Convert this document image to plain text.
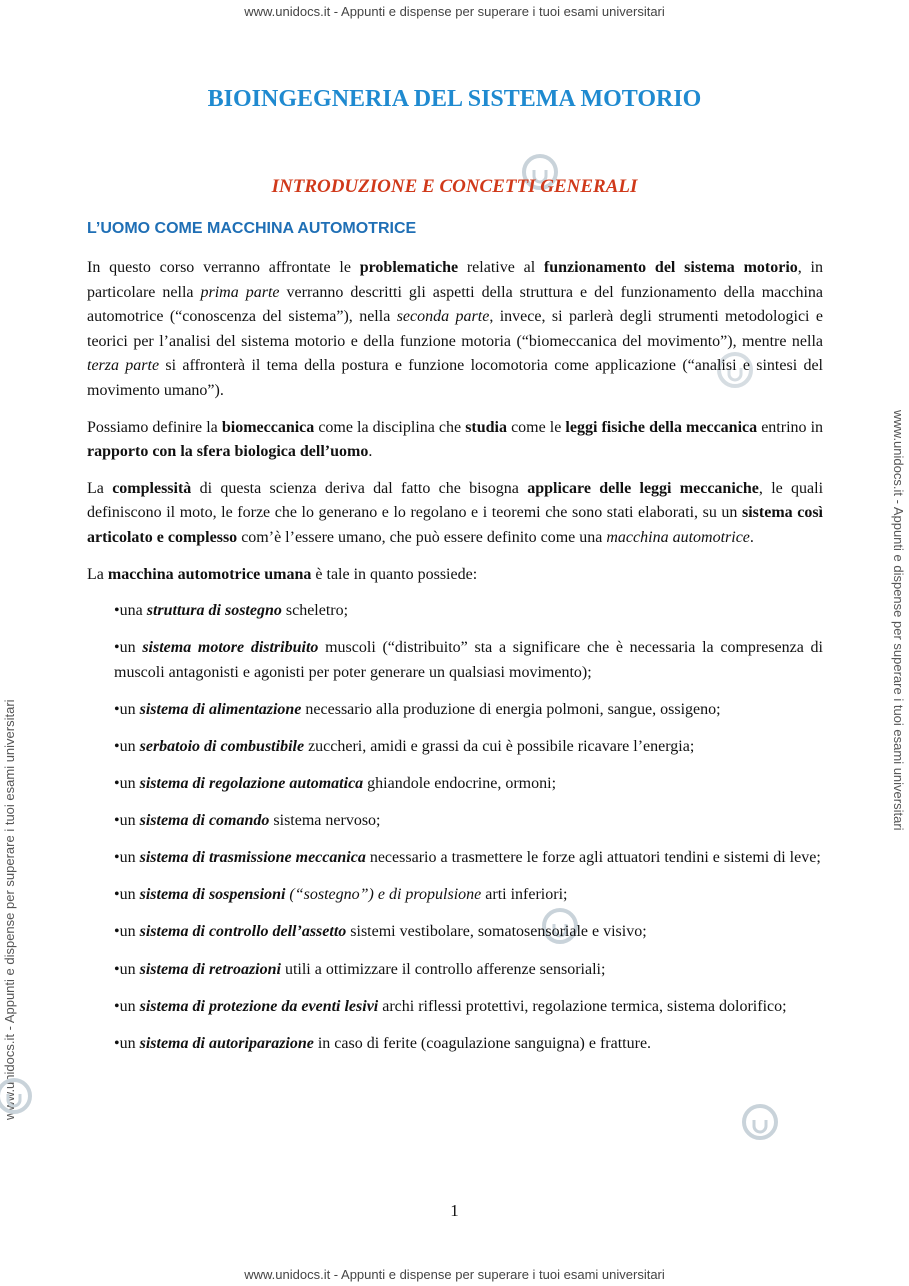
www.unidocs.it - Appunti e dispense per superare i tuoi esami universitari
www.unidocs.it - Appunti e dispense per superare i tuoi esami universitari
www.unidocs.it - Appunti e dispense per superare i tuoi esami universitari
www.unidocs.it - Appunti e dispense per superare i tuoi esami universitari
BIOINGEGNERIA DEL SISTEMA MOTORIO
INTRODUZIONE E CONCETTI GENERALI
L’UOMO COME MACCHINA AUTOMOTRICE

In questo corso verranno affrontate le problematiche relative al funzionamento del sistema motorio, in particolare nella prima parte verranno descritti gli aspetti della struttura e del funzionamento della macchina automotrice (“conoscenza del sistema”), nella seconda parte, invece, si parlerà degli strumenti metodologici e teorici per l’analisi del sistema motorio e della funzione motoria (“biomeccanica del movimento”), mentre nella terza parte si affronterà il tema della postura e funzione locomotoria come applicazione (“analisi e sintesi del movimento umano”).

Possiamo definire la biomeccanica come la disciplina che studia come le leggi fisiche della meccanica entrino in rapporto con la sfera biologica dell’uomo.

La complessità di questa scienza deriva dal fatto che bisogna applicare delle leggi meccaniche, le quali definiscono il moto, le forze che lo generano e lo regolano e i teoremi che sono stati elaborati, su un sistema così articolato e complesso com’è l’essere umano, che può essere definito come una macchina automotrice.

La macchina automotrice umana è tale in quanto possiede:

•una struttura di sostegno scheletro;
•un sistema motore distribuito muscoli (“distribuito” sta a significare che è necessaria la compresenza di muscoli antagonisti e agonisti per poter generare un qualsiasi movimento);
•un sistema di alimentazione necessario alla produzione di energia polmoni, sangue, ossigeno;
•un serbatoio di combustibile zuccheri, amidi e grassi da cui è possibile ricavare l’energia;
•un sistema di regolazione automatica ghiandole endocrine, ormoni;
•un sistema di comando sistema nervoso;
•un sistema di trasmissione meccanica necessario a trasmettere le forze agli attuatori tendini e sistemi di leve;
•un sistema di sospensioni (“sostegno”) e di propulsione arti inferiori;
•un sistema di controllo dell’assetto sistemi vestibolare, somatosensoriale e visivo;
•un sistema di retroazioni utili a ottimizzare il controllo afferenze sensoriali;
•un sistema di protezione da eventi lesivi archi riflessi protettivi, regolazione termica, sistema dolorifico;
•un sistema di autoriparazione in caso di ferite (coagulazione sanguigna) e fratture.
1
